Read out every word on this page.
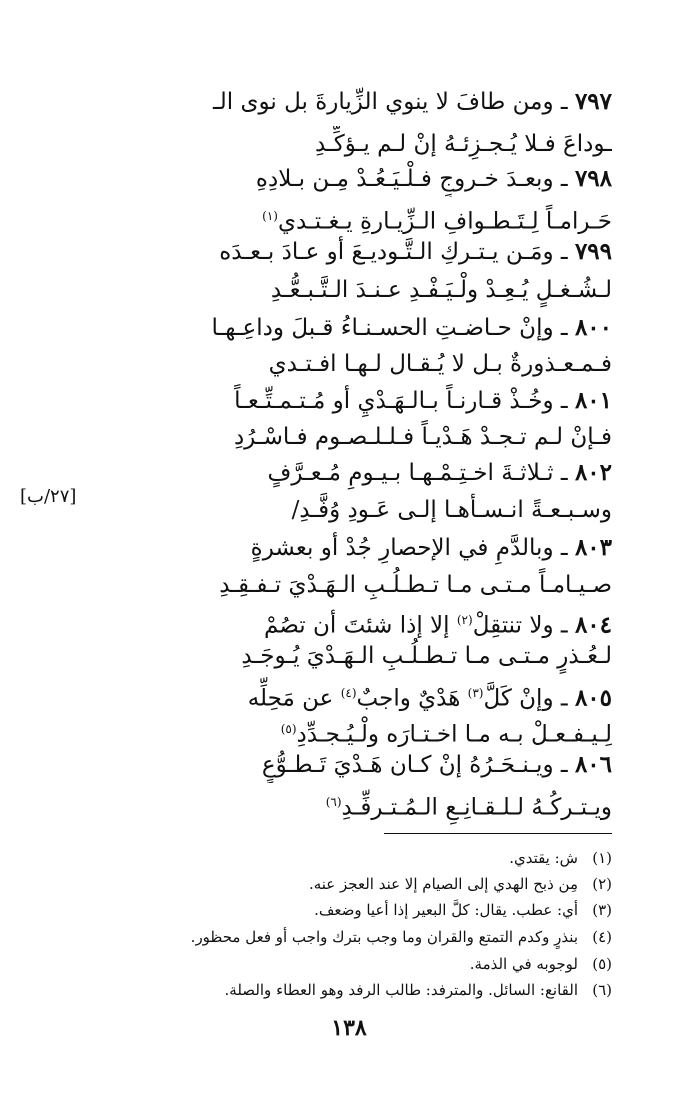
٧٩٧ ـ ومن طافَ لا ينوي الزِّيارةَ بل نوى الـ
ـوداعَ فـلا يُـجـزِئـهُ إنْ لـم يـؤكِّـدِ
٧٩٨ ـ وبعـدَ خـروجٍ فـلْـيَـعُـدْ مِـن بـلادِهِ
حَـرامـاً لِـتَـطـوافِ الـزِّيـارةِ يـغـتـدي$^{(١)}$
٧٩٩ ـ ومَـن يـتـركِ الـتَّـوديـعَ أو عـادَ بـعـدَه
لـشُـغـلٍ يُـعِـدْ ولْـيَـفْـدِ عـنـدَ الـتَّـبـعُّـدِ
٨٠٠ ـ وإنْ حـاضـتِ الحسـنـاءُ قـبلَ وداعِـهـا
فـمـعـذورةٌ بـل لا يُـقـال لـهـا افـتـدي
٨٠١ ـ وخُـذْ قـارنـاً بـالـهَـدْيِ أو مُـتـمـتِّـعـاً
فـإنْ لـم تـجـدْ هَـدْيـاً فـلـلـصـوم فـاسْـرُدِ
٨٠٢ ـ ثـلاثـةَ اخـتِـمْـهـا بـيـومِ مُـعـرَّفٍ
وسـبـعـةً انـسـأهـا إلـى عَـودِ وُفَّـدِ/
[٢٧/ب]
٨٠٣ ـ وبالدَّمِ في الإحصارِ جُدْ أو بعشرةٍ
صـيـامـاً مـتـى مـا تـطـلُـبِ الـهَـدْيَ تـفـقِـدِ
٨٠٤ ـ ولا تنتقِلْ$^{(٢)}$ إلا إذا شئتَ أن تصُمْ
لـعُـذرٍ مـتـى مـا تـطـلُـبِ الـهَـدْيَ يُـوجَـدِ
٨٠٥ ـ وإنْ كَلَّ$^{(٣)}$ هَدْيٌ واجبٌ$^{(٤)}$ عن مَحِلِّه
لِـيـفـعـلْ بـه مـا اخـتـارَه ولْـيُـجـدِّدِ$^{(٥)}$
٨٠٦ ـ ويـنـحَـرُهُ إنْ كـان هَـدْيَ تَـطـوُّعٍ
ويـتـركُـهُ لـلـقـانِـعِ الـمُـتـرفِّـدِ$^{(٦)}$
(١)ش: يقتدي.
(٢)مِن ذبح الهدي إلى الصيام إلا عند العجز عنه.
(٣)أي: عطب. يقال: كلَّ البعير إذا أعيا وضعف.
(٤)بنذرٍ وكدم التمتع والقران وما وجب بترك واجب أو فعل محظور.
(٥)لوجوبه في الذمة.
(٦)القانع: السائل. والمترفد: طالب الرفد وهو العطاء والصلة.
١٣٨
